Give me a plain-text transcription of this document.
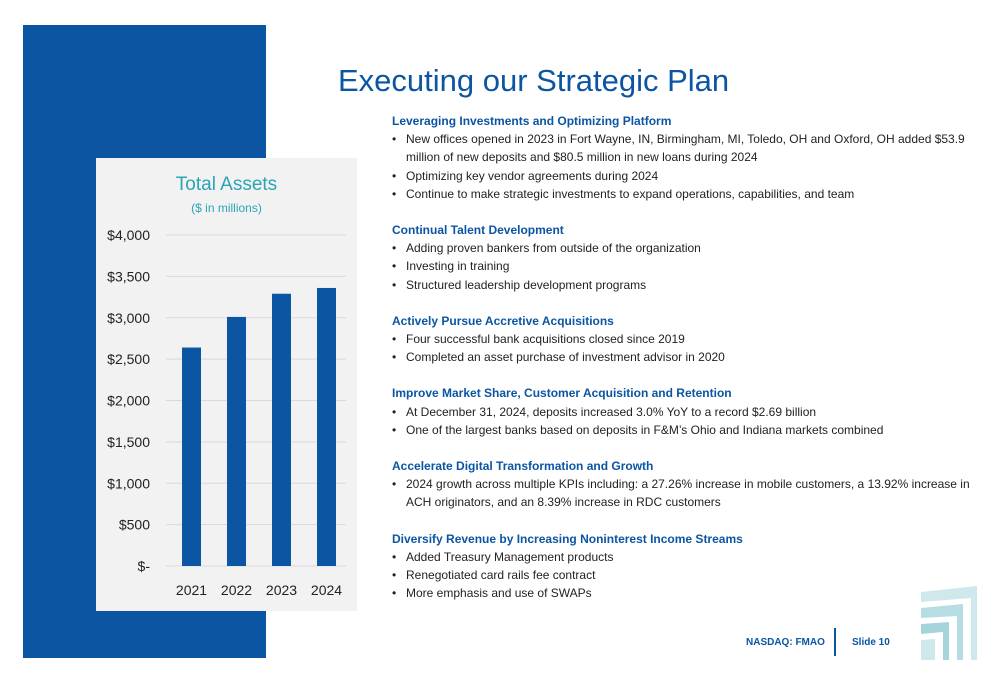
Total Assets
($ in millions)
$-
$500
$1,000
$1,500
$2,000
$2,500
$3,000
$3,500
$4,000
2021 2022 2023 2024
Executing our Strategic Plan
Leveraging Investments and Optimizing Platform
• New offices opened in 2023 in Fort Wayne, IN, Birmingham, MI, Toledo, OH and Oxford, OH added $53.9 million of new deposits and $80.5 million in new loans during 2024
• Optimizing key vendor agreements during 2024
• Continue to make strategic investments to expand operations, capabilities, and team
Continual Talent Development
• Adding proven bankers from outside of the organization
• Investing in training
• Structured leadership development programs
Actively Pursue Accretive Acquisitions
• Four successful bank acquisitions closed since 2019
• Completed an asset purchase of investment advisor in 2020
Improve Market Share, Customer Acquisition and Retention
• At December 31, 2024, deposits increased 3.0% YoY to a record $2.69 billion
• One of the largest banks based on deposits in F&M’s Ohio and Indiana markets combined
Accelerate Digital Transformation and Growth
• 2024 growth across multiple KPIs including: a 27.26% increase in mobile customers, a 13.92% increase in ACH originators, and an 8.39% increase in RDC customers
Diversify Revenue by Increasing Noninterest Income Streams
• Added Treasury Management products
• Renegotiated card rails fee contract
• More emphasis and use of SWAPs
NASDAQ: FMAO	Slide 10
